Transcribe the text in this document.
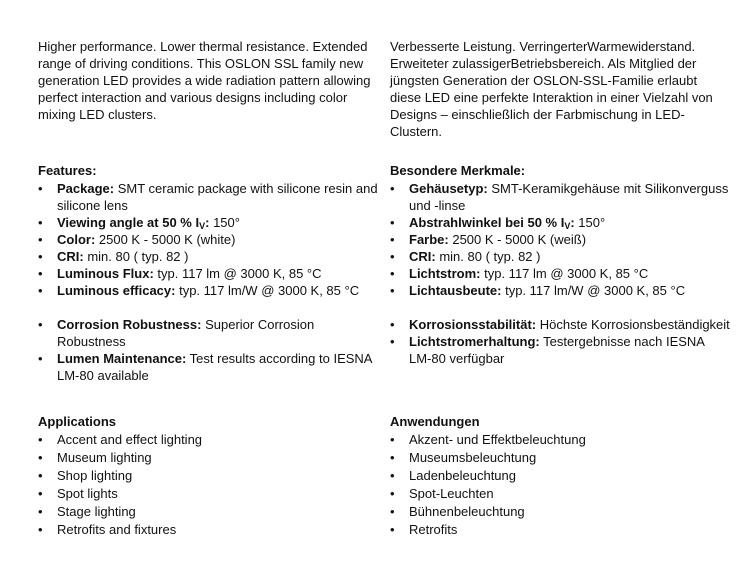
Higher performance. Lower thermal resistance. Extended range of driving conditions. This OSLON SSL family new generation LED provides a wide radiation pattern allowing perfect interaction and various designs including color mixing LED clusters.

Features:

•	Package: SMT ceramic package with silicone resin and silicone lens
•	Viewing angle at 50 % $I_V$: 150°
•	Color: 2500 K - 5000 K (white)
•	CRI: min. 80 ( typ. 82 )
•	Luminous Flux: typ. 117 lm @ 3000 K, 85 °C
•	Luminous efficacy: typ. 117 lm/W @ 3000 K, 85 °C
•	Corrosion Robustness: Superior Corrosion Robustness
•	Lumen Maintenance: Test results according to IESNA LM-80 available

Applications

•	Accent and effect lighting
•	Museum lighting
•	Shop lighting
•	Spot lights
•	Stage lighting
•	Retrofits and fixtures

Verbesserte Leistung. VerringerterWarmewiderstand. Erweiteter zulassigerBetriebsbereich. Als Mitglied der jüngsten Generation der OSLON-SSL-Familie erlaubt diese LED eine perfekte Interaktion in einer Vielzahl von Designs – einschließlich der Farbmischung in LED-Clustern.

Besondere Merkmale:

•	Gehäusetyp: SMT-Keramikgehäuse mit Silikonverguss und -linse
•	Abstrahlwinkel bei 50 % $I_V$: 150°
•	Farbe: 2500 K - 5000 K (weiß)
•	CRI: min. 80 ( typ. 82 )
•	Lichtstrom: typ. 117 lm @ 3000 K, 85 °C
•	Lichtausbeute: typ. 117 lm/W @ 3000 K, 85 °C
•	Korrosionsstabilität: Höchste Korrosionsbeständigkeit
•	Lichtstromerhaltung: Testergebnisse nach IESNA LM-80 verfügbar

Anwendungen

•	Akzent- und Effektbeleuchtung
•	Museumsbeleuchtung
•	Ladenbeleuchtung
•	Spot-Leuchten
•	Bühnenbeleuchtung
•	Retrofits
